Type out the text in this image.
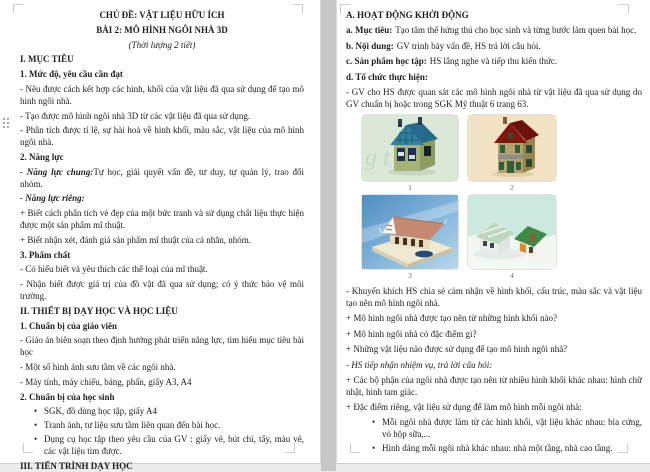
CHỦ ĐỀ: VẬT LIỆU HỮU ÍCH

BÀI 2: MÔ HÌNH NGÔI NHÀ 3D

(Thời lượng 2 tiết)

I. MỤC TIÊU

1. Mức độ, yêu cầu cần đạt

- Nêu được cách kết hợp các hình, khối của vật liệu đã qua sử dụng để tạo mô hình ngôi nhà.

- Tạo được mô hình ngôi nhà 3D từ các vật liệu đã qua sử dụng.

- Phân tích được tỉ lệ, sự hài hoà về hình khối, màu sắc, vật liệu của mô hình ngôi nhà.

2. Năng lực

- Năng lực chung:Tự học, giải quyết vấn đề, tư duy, tự quản lý, trao đổi nhóm.

- Năng lực riêng:

+ Biết cách phân tích vẻ đẹp của một bức tranh và sử dụng chất liệu thực hiện được một sản phẩm mĩ thuật.

+ Biết nhận xét, đánh giá sản phẩm mĩ thuật của cá nhân, nhóm.

3. Phẩm chất

- Có hiểu biết và yêu thích các thể loại của mĩ thuật.

- Nhận biết được giá trị của đồ vật đã qua sử dụng; có ý thức bảo vệ môi trường.

II. THIẾT BỊ DẠY HỌC VÀ HỌC LIỆU

1. Chuẩn bị của giáo viên

- Giáo án biên soạn theo định hướng phát triển năng lực, tìm hiểu mục tiêu bài học

- Một số hình ảnh sưu tầm về các ngôi nhà.

- Máy tính, máy chiếu, bảng, phấn, giấy A3, A4

2. Chuẩn bị của học sinh

• SGK, đồ dùng học tập, giấy A4
• Tranh ảnh, tư liệu sưu tầm liên quan đến bài học.
• Dụng cụ học tập theo yêu cầu của GV : giấy vẽ, bút chì, tẩy, màu vẽ, các vật liệu tìm được.

III. TIẾN TRÌNH DẠY HỌC

A. HOẠT ĐỘNG KHỞI ĐỘNG

a. Mục tiêu: Tạo tâm thế hứng thú cho học sinh và từng bước làm quen bài học.

b. Nội dung: GV trình bày vấn đề, HS trả lời câu hỏi.

c. Sản phẩm học tập: HS lắng nghe và tiếp thu kiến thức.

d. Tổ chức thực hiện:

- GV cho HS được quan sát các mô hình ngôi nhà từ vật liệu đã qua sử dụng do GV chuẩn bị hoặc trong SGK Mỹ thuật 6 trang 63.

g t
1	2
3
S
4

- Khuyến khích HS chia sẻ cảm nhận về hình khối, cấu trúc, màu sắc và vật liệu tạo nên mô hình ngôi nhà.

+ Mô hình ngôi nhà được tạo nên từ những hình khối nào?

+ Mô hình ngôi nhà có đặc điểm gì?

+ Những vật liệu nào được sử dụng để tạo mô hình ngôi nhà?

- HS tiếp nhận nhiệm vụ, trả lời câu hỏi:

+ Các bộ phận của ngôi nhà được tạo nên từ nhiều hình khối khác nhau: hình chữ nhật, hình tam giác.

+ Đặc điểm riêng, vật liệu sử dụng để làm mô hình mỗi ngôi nhà:

• Mỗi ngôi nhà được làm từ các hình khối, vật liệu khác nhau: bìa cứng, vỏ hộp sữa,...
• Hình dáng mỗi ngôi nhà khác nhau: nhà một tầng, nhà cao tầng.
